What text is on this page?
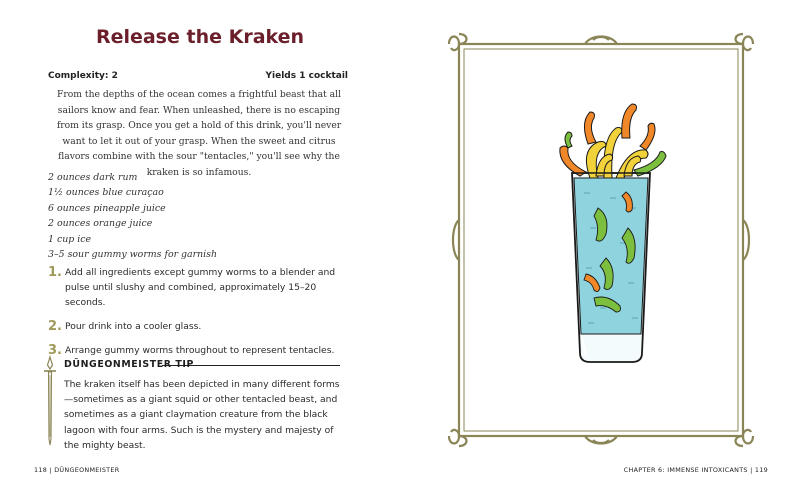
Release the Kraken
Complexity: 2	Yields 1 cocktail
From the depths of the ocean comes a frightful beast that all sailors know and fear. When unleashed, there is no escaping from its grasp. Once you get a hold of this drink, you'll never want to let it out of your grasp. When the sweet and citrus flavors combine with the sour "tentacles," you'll see why the kraken is so infamous.
2 ounces dark rum
1½ ounces blue curaçao
6 ounces pineapple juice
2 ounces orange juice
1 cup ice
3–5 sour gummy worms for garnish
1. Add all ingredients except gummy worms to a blender and pulse until slushy and combined, approximately 15–20 seconds.
2. Pour drink into a cooler glass.
3. Arrange gummy worms throughout to represent tentacles.
DŨNGEONMEISTER TIP
The kraken itself has been depicted in many different forms—sometimes as a giant squid or other tentacled beast, and sometimes as a giant claymation creature from the black lagoon with four arms. Such is the mystery and majesty of the mighty beast.
118 | DŨNGEONMEISTER	CHAPTER 6: IMMENSE INTOXICANTS | 119
